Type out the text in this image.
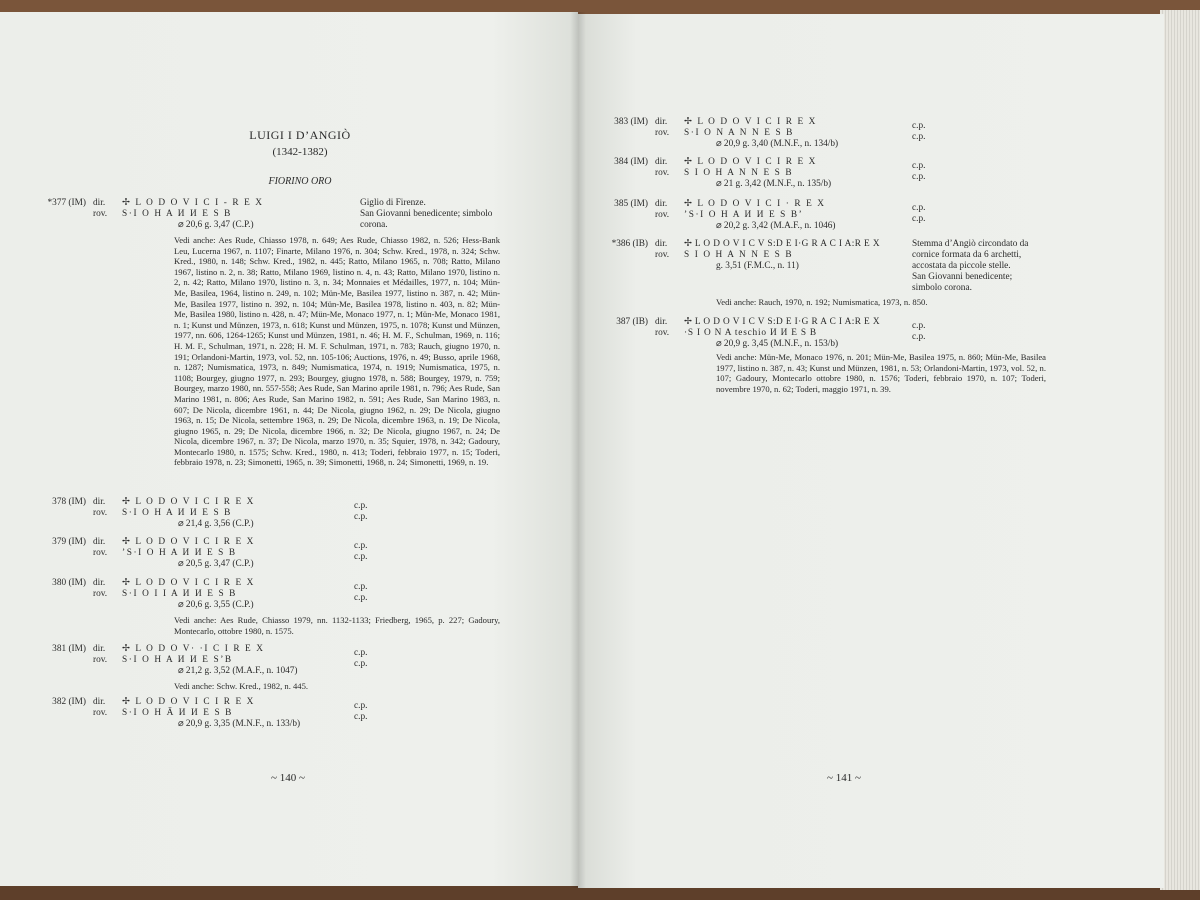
LUIGI I D’ANGIÒ
(1342-1382)
FIORINO ORO
*377 (IM) dir.
rov.
✢ L O D O V I C I - R E X
S·I O H A И И E S B
⌀ 20,6 g. 3,47 (C.P.)
Giglio di Firenze.
San Giovanni benedicente; simbolo corona.
Vedi anche: Aes Rude, Chiasso 1978, n. 649; Aes Rude, Chiasso 1982, n. 526; Hess-Bank Leu, Lucerna 1967, n. 1107; Finarte, Milano 1976, n. 304; Schw. Kred., 1978, n. 324; Schw. Kred., 1980, n. 148; Schw. Kred., 1982, n. 445; Ratto, Milano 1965, n. 708; Ratto, Milano 1967, listino n. 2, n. 38; Ratto, Milano 1969, listino n. 4, n. 43; Ratto, Milano 1970, listino n. 2, n. 42; Ratto, Milano 1970, listino n. 3, n. 34; Monnaies et Médailles, 1977, n. 104; Mün-Me, Basilea, 1964, listino n. 249, n. 102; Mün-Me, Basilea 1977, listino n. 387, n. 42; Mün-Me, Basilea 1977, listino n. 392, n. 104; Mün-Me, Basilea 1978, listino n. 403, n. 82; Mün-Me, Basilea 1980, listino n. 428, n. 47; Mün-Me, Monaco 1977, n. 1; Mün-Me, Monaco 1981, n. 1; Kunst und Münzen, 1973, n. 618; Kunst und Münzen, 1975, n. 1078; Kunst und Münzen, 1977, nn. 606, 1264-1265; Kunst und Münzen, 1981, n. 46; H. M. F., Schulman, 1969, n. 116; H. M. F., Schulman, 1971, n. 228; H. M. F. Schulman, 1971, n. 783; Rauch, giugno 1970, n. 191; Orlandoni-Martin, 1973, vol. 52, nn. 105-106; Auctions, 1976, n. 49; Busso, aprile 1968, n. 1287; Numismatica, 1973, n. 849; Numismatica, 1974, n. 1919; Numismatica, 1975, n. 1108; Bourgey, giugno 1977, n. 293; Bourgey, giugno 1978, n. 588; Bourgey, 1979, n. 759; Bourgey, marzo 1980, nn. 557-558; Aes Rude, San Marino aprile 1981, n. 796; Aes Rude, San Marino 1981, n. 806; Aes Rude, San Marino 1982, n. 591; Aes Rude, San Marino 1983, n. 607; De Nicola, dicembre 1961, n. 44; De Nicola, giugno 1962, n. 29; De Nicola, giugno 1963, n. 15; De Nicola, settembre 1963, n. 29; De Nicola, dicembre 1963, n. 19; De Nicola, giugno 1965, n. 29; De Nicola, dicembre 1966, n. 32; De Nicola, giugno 1967, n. 24; De Nicola, dicembre 1967, n. 37; De Nicola, marzo 1970, n. 35; Squier, 1978, n. 342; Gadoury, Montecarlo 1980, n. 1575; Schw. Kred., 1980, n. 413; Toderi, febbraio 1977, n. 15; Toderi, febbraio 1978, n. 23; Simonetti, 1965, n. 39; Simonetti, 1968, n. 24; Simonetti, 1969, n. 19.
378 (IM) dir.
rov.
✢ L O D O V I C I R E X
S·I O H A И И E S B
⌀ 21,4 g. 3,56 (C.P.)
c.p.
c.p.
379 (IM) dir.
rov.
✢ L O D O V I C I R E X
’S·I O H A И И E S B
⌀ 20,5 g. 3,47 (C.P.)
c.p.
c.p.
380 (IM) dir.
rov.
✢ L O D O V I C I R E X
S·I O I I A И И E S B
⌀ 20,6 g. 3,55 (C.P.)
c.p.
c.p.
Vedi anche: Aes Rude, Chiasso 1979, nn. 1132-1133; Friedberg, 1965, p. 227; Gadoury, Montecarlo, ottobre 1980, n. 1575.
381 (IM) dir.
rov.
✢ L O D O V· ·I C I R E X
S·I O H A И И E S’B
⌀ 21,2 g. 3,52 (M.A.F., n. 1047)
c.p.
c.p.
Vedi anche: Schw. Kred., 1982, n. 445.
382 (IM) dir.
rov.
✢ L O D O V I C I R E X
S·I O H Ā И И E S B
⌀ 20,9 g. 3,35 (M.N.F., n. 133/b)
c.p.
c.p.
~ 140 ~
383 (IM) dir.
rov.
✢ L O D O V I C I R E X
S·I O N A N N E S B
⌀ 20,9 g. 3,40 (M.N.F., n. 134/b)
c.p.
c.p.
384 (IM) dir.
rov.
✢ L O D O V I C I R E X
S I O H A N N E S B
⌀ 21 g. 3,42 (M.N.F., n. 135/b)
c.p.
c.p.
385 (IM) dir.
rov.
✢ L O D O V I C I · R E X
’S·I O H A И И E S B’
⌀ 20,2 g. 3,42 (M.A.F., n. 1046)
c.p.
c.p.
*386 (IB) dir.
rov.
✢ L O D O V I C V S:D E I·G R A C I A:R E X
S I O H A N N E S B
g. 3,51 (F.M.C., n. 11)
Stemma d’Angiò circondato da cornice formata da 6 archetti, accostata da piccole stelle.
San Giovanni benedicente; simbolo corona.
Vedi anche: Rauch, 1970, n. 192; Numismatica, 1973, n. 850.
387 (IB) dir.
rov.
✢ L O D O V I C V S:D E I·G R A C I A:R E X
·S I O N A teschio И И E S B
⌀ 20,9 g. 3,45 (M.N.F., n. 153/b)
c.p.
c.p.
Vedi anche: Mün-Me, Monaco 1976, n. 201; Mün-Me, Basilea 1975, n. 860; Mün-Me, Basilea 1977, listino n. 387, n. 43; Kunst und Münzen, 1981, n. 53; Orlandoni-Martin, 1973, vol. 52, n. 107; Gadoury, Montecarlo ottobre 1980, n. 1576; Toderi, febbraio 1970, n. 107; Toderi, novembre 1970, n. 62; Toderi, maggio 1971, n. 39.
~ 141 ~
